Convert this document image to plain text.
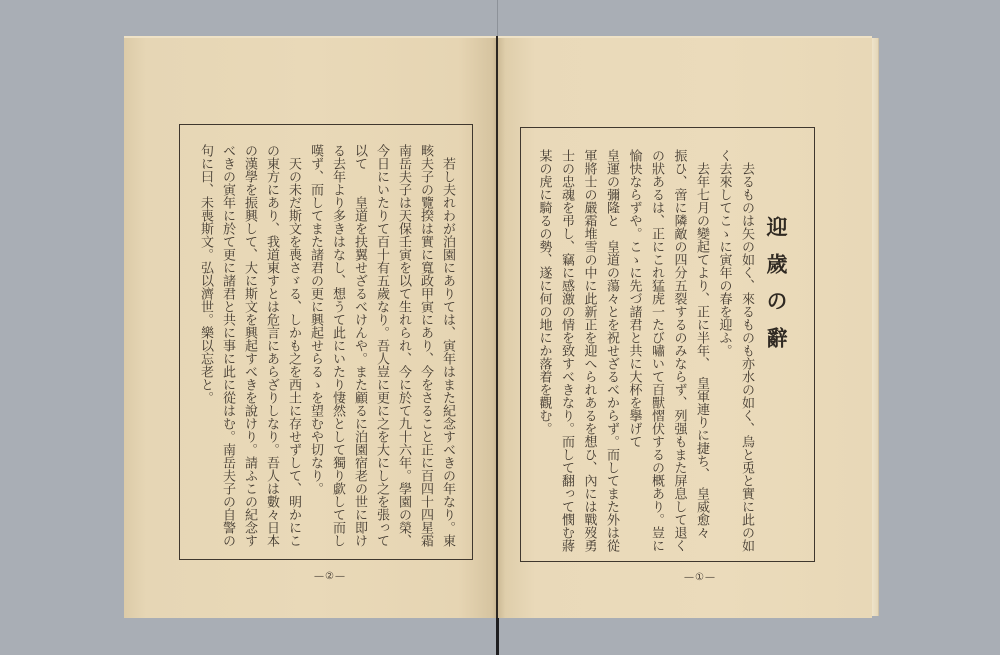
　若し夫れわが泊園にありては、寅年はまた紀念すべきの年なり。東
畡夫子の覽揆は實に寬政甲寅にあり、今をさること正に百四十四星霜
南岳夫子は天保壬寅を以て生れられ、今に於て九十六年。學園の榮、
今日にいたりて百十有五歲なり。吾人豈に更に之を大にし之を張って
以て　　皇道を扶翼せざるべけんや。また顧るに泊園宿老の世に即け
る去年より多きはなし、想うて此にいたり悽然として獨り歔して而し
嘆ず、而してまた諸君の更に興起せらるゝを望むや切なり。
　天の未だ斯文を喪さゞる、しかも之を西土に存せずして、明かにこ
の東方にあり、我道東すとは危言にあらざりしなり。吾人は數々日本
の漢學を振興して、大に斯文を興起すべきを說けり。請ふこの紀念す
べきの寅年に於て更に諸君と共に事に此に從はむ。南岳夫子の自警の
句に曰、未喪斯文。弘以濟世。樂以忘老と。
—②—
迎歲の辭
　去るものは矢の如く、來るものも亦水の如く、烏と兎と實に此の如
く去來してこゝに寅年の春を迎ふ。
　去年七月の變起てより、正に半年、　皇軍連りに捷ち、　皇威愈々
振ひ、啻に隣敵の四分五裂するのみならず、列强もまた屏息して退く
の狀あるは、正にこれ猛虎一たび嘯いて百獸慴伏するの概あり。豈に
愉快ならずや。こゝに先づ諸君と共に大杯を擧げて
皇運の彌隆と　皇道の蕩々とを祝せざるべからず。而してまた外は從
軍將士の嚴霜堆雪の中に此新正を迎へられあるを想ひ、內には戰歿勇
士の忠魂を弔し、竊に感激の情を致すべきなり。而して翻って憫む蔣
某の虎に騎るの勢、遂に何の地にか落着を觀む。
—①—
